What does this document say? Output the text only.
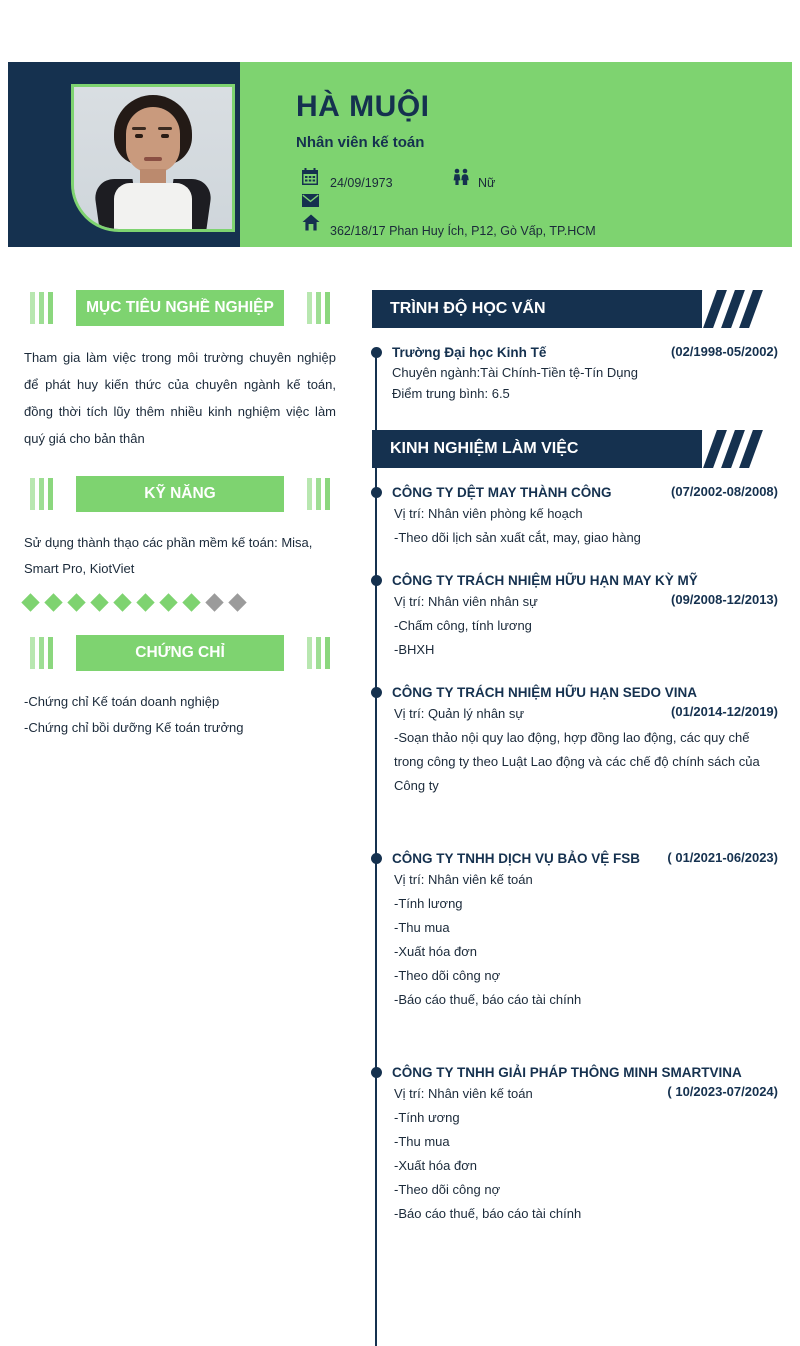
HÀ MUỘI
Nhân viên kế toán
24/09/1973	Nữ
362/18/17 Phan Huy Ích, P12, Gò Vấp, TP.HCM
MỤC TIÊU NGHỀ NGHIỆP
Tham gia làm việc trong môi trường chuyên nghiệp để phát huy kiến thức của chuyên ngành kế toán, đồng thời tích lũy thêm nhiều kinh nghiệm việc làm quý giá cho bản thân
KỸ NĂNG
Sử dụng thành thạo các phần mềm kế toán: Misa, Smart Pro, KiotViet
CHỨNG CHỈ
-Chứng chỉ Kế toán doanh nghiệp
-Chứng chỉ bồi dưỡng Kế toán trưởng
TRÌNH ĐỘ HỌC VẤN
Trường Đại học Kinh Tế	(02/1998-05/2002)
Chuyên ngành:Tài Chính-Tiền tệ-Tín Dụng
Điểm trung bình: 6.5
KINH NGHIỆM LÀM VIỆC
CÔNG TY DỆT MAY THÀNH CÔNG	(07/2002-08/2008)
Vị trí: Nhân viên phòng kế hoạch
-Theo dõi lịch sản xuất cắt, may, giao hàng
CÔNG TY TRÁCH NHIỆM HỮU HẠN MAY KỲ MỸ
(09/2008-12/2013)
Vị trí: Nhân viên nhân sự
-Chấm công, tính lương
-BHXH
CÔNG TY TRÁCH NHIỆM HỮU HẠN SEDO VINA
(01/2014-12/2019)
Vị trí: Quản lý nhân sự
-Soạn thảo nội quy lao động, hợp đồng lao động, các quy chế trong công ty theo Luật Lao động và các chế độ chính sách của Công ty
CÔNG TY TNHH DỊCH VỤ BẢO VỆ FSB ( 01/2021-06/2023)
Vị trí: Nhân viên kế toán
-Tính lương
-Thu mua
-Xuất hóa đơn
-Theo dõi công nợ
-Báo cáo thuế, báo cáo tài chính
CÔNG TY TNHH GIẢI PHÁP THÔNG MINH SMARTVINA
( 10/2023-07/2024)
Vị trí: Nhân viên kế toán
-Tính ương
-Thu mua
-Xuất hóa đơn
-Theo dõi công nợ
-Báo cáo thuế, báo cáo tài chính
